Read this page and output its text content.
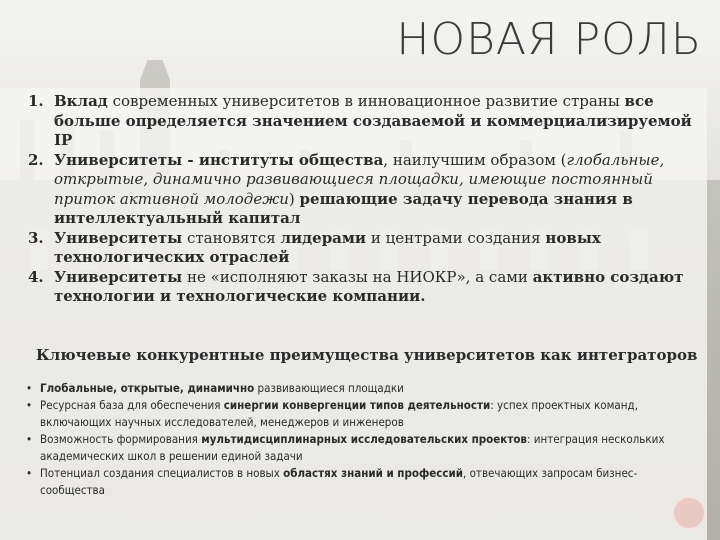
НОВАЯ РОЛЬ
1. Вклад современных университетов в инновационное развитие страны все больше определяется значением создаваемой и коммерциализируемой IP
2. Университеты - институты общества, наилучшим образом (глобальные, открытые, динамично развивающиеся площадки, имеющие постоянный приток активной молодежи) решающие задачу перевода знания в интеллектуальный капитал
3. Университеты становятся лидерами и центрами создания новых технологических отраслей
4. Университеты не «исполняют заказы на НИОКР», а сами активно создают технологии и технологические компании.
Ключевые конкурентные преимущества университетов как интеграторов
• Глобальные, открытые, динамично развивающиеся площадки
• Ресурсная база для обеспечения синергии конвергенции типов деятельности: успех проектных команд, включающих научных исследователей, менеджеров и инженеров
• Возможность формирования мультидисциплинарных исследовательских проектов: интеграция нескольких академических школ в решении единой задачи
• Потенциал создания специалистов в новых областях знаний и профессий, отвечающих запросам бизнес-сообщества
